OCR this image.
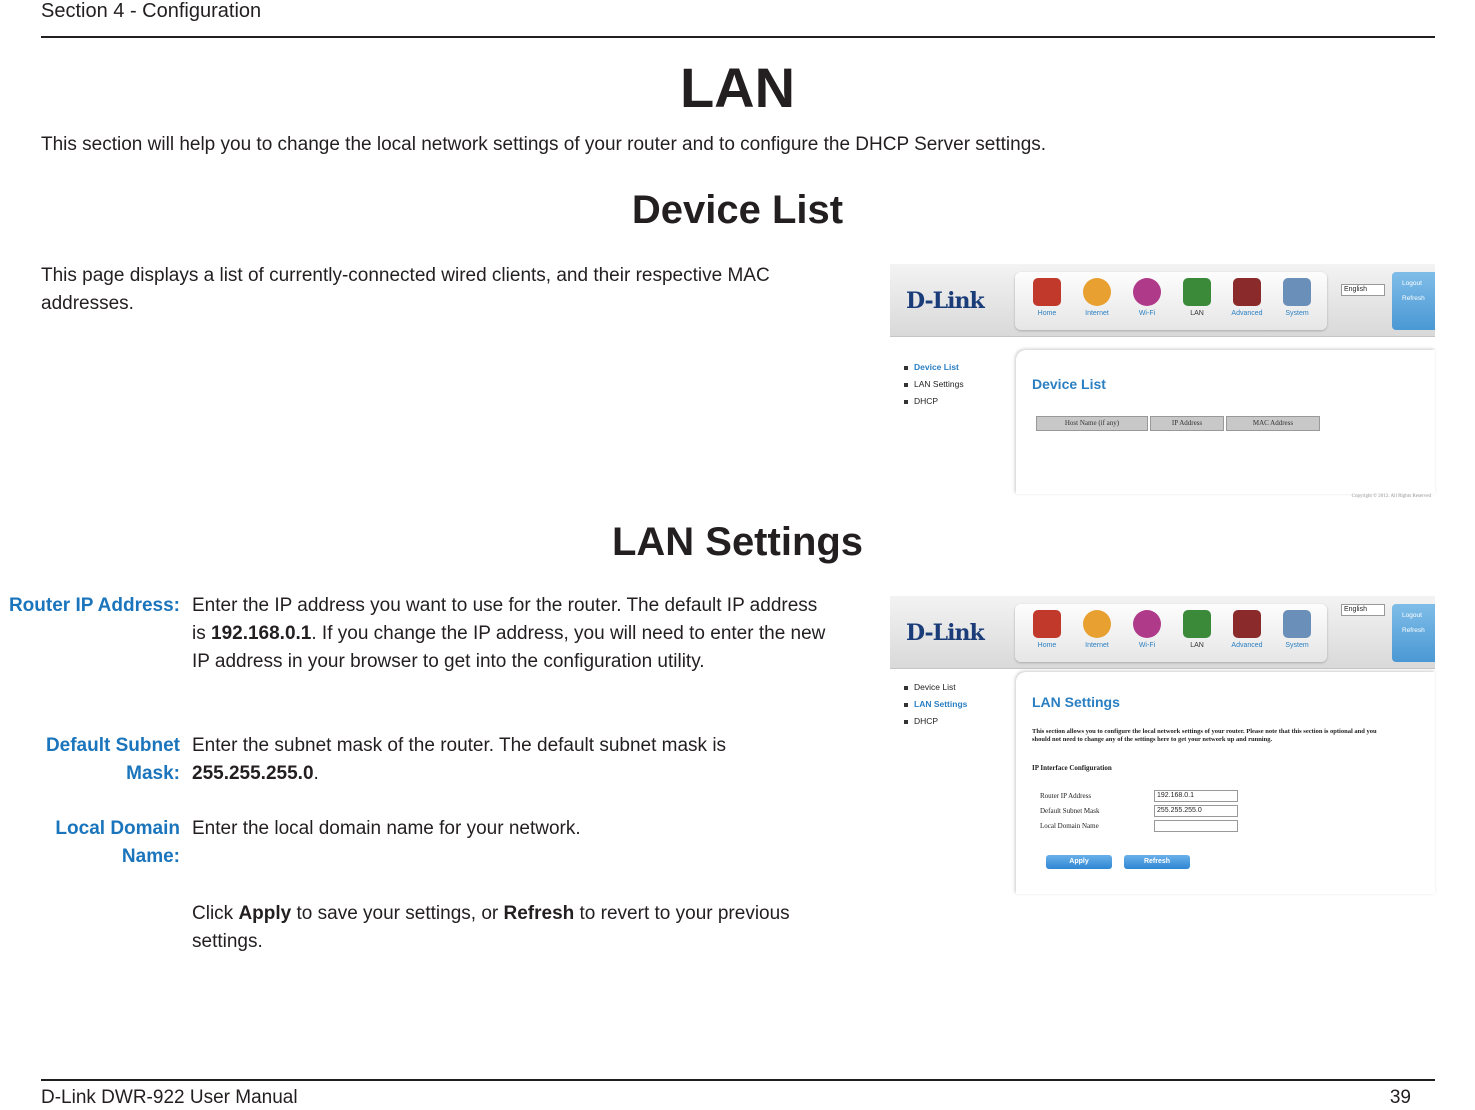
Section 4 - Configuration
LAN
This section will help you to change the local network settings of your router and to configure the DHCP Server settings.
Device List
This page displays a list of currently-connected wired clients, and their respective MAC addresses.	D-Link	Home	Internet	Wi-Fi	LAN	Advanced	System
English
Logout
Refresh
Device List
LAN Settings
DHCP
Device List
Host Name (if any)	IP Address	MAC Address
Copyright © 2012. All Rights Reserved
LAN Settings
Router IP Address: Enter the IP address you want to use for the router. The default IP address is 192.168.0.1. If you change the IP address, you will need to enter the new IP address in your browser to get into the configuration utility.
Default Subnet
Mask:
Enter the subnet mask of the router. The default subnet mask is 255.255.255.0.
Local Domain
Name:
Enter the local domain name for your network.
Click Apply to save your settings, or Refresh to revert to your previous settings.
D-Link	Home	Internet	Wi-Fi	LAN	Advanced	System
English
Logout
Refresh
Device List
LAN Settings
DHCP
LAN Settings
This section allows you to configure the local network settings of your router. Please note that this section is optional and you should not need to change any of the settings here to get your network up and running.
IP Interface Configuration
Router IP Address	192.168.0.1
Default Subnet Mask	255.255.255.0
Local Domain Name
Apply	Refresh
D-Link DWR-922 User Manual	39
